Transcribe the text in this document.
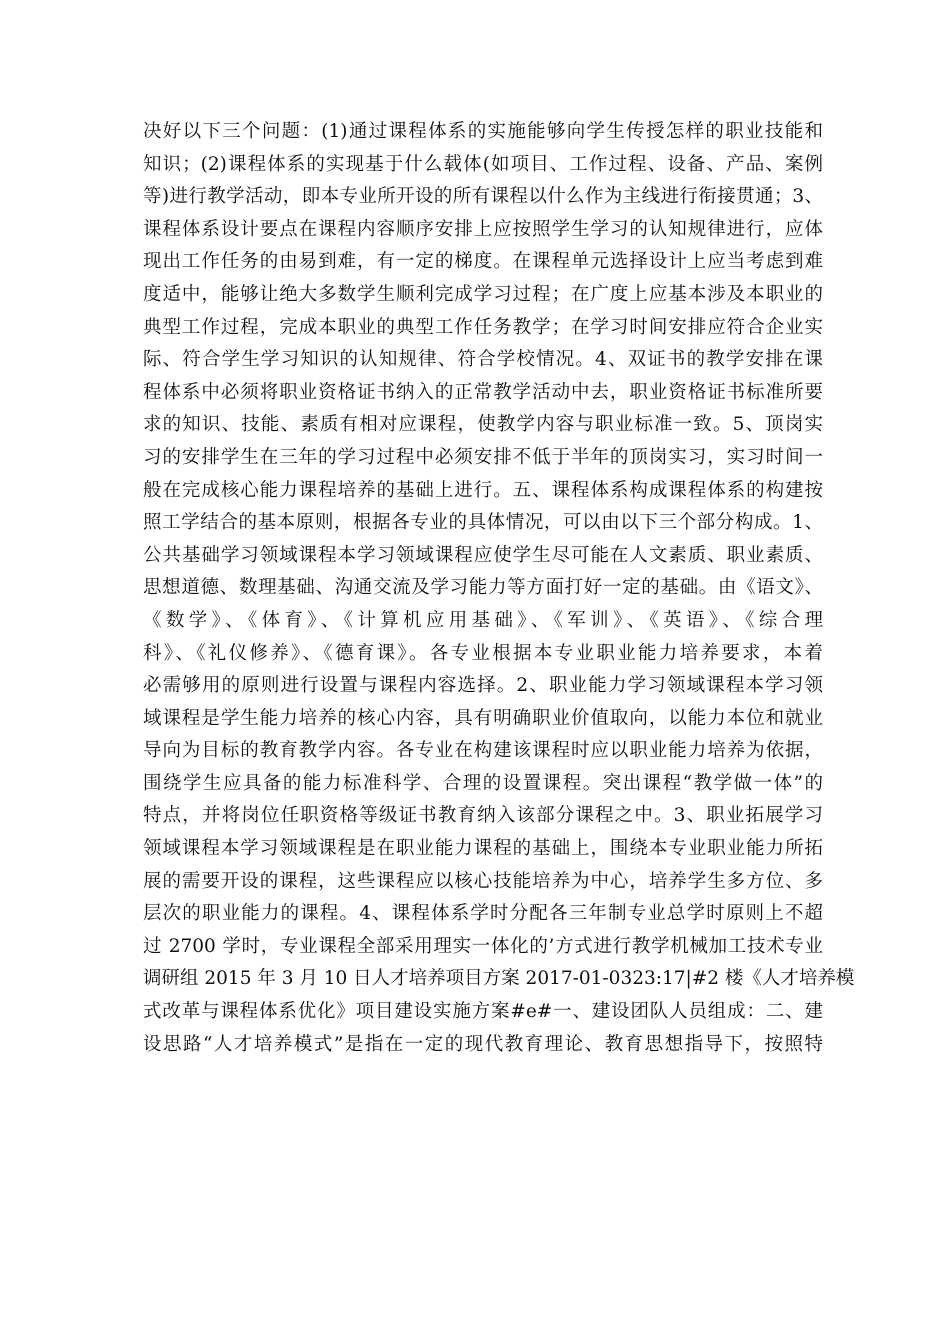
决好以下三个问题：(1)通过课程体系的实施能够向学生传授怎样的职业技能和
知识；(2)课程体系的实现基于什么载体(如项目、工作过程、设备、产品、案例
等)进行教学活动，即本专业所开设的所有课程以什么作为主线进行衔接贯通；3、
课程体系设计要点在课程内容顺序安排上应按照学生学习的认知规律进行，应体
现出工作任务的由易到难，有一定的梯度。在课程单元选择设计上应当考虑到难
度适中，能够让绝大多数学生顺利完成学习过程；在广度上应基本涉及本职业的
典型工作过程，完成本职业的典型工作任务教学；在学习时间安排应符合企业实
际、符合学生学习知识的认知规律、符合学校情况。4、双证书的教学安排在课
程体系中必须将职业资格证书纳入的正常教学活动中去，职业资格证书标准所要
求的知识、技能、素质有相对应课程，使教学内容与职业标准一致。5、顶岗实
习的安排学生在三年的学习过程中必须安排不低于半年的顶岗实习，实习时间一
般在完成核心能力课程培养的基础上进行。五、课程体系构成课程体系的构建按
照工学结合的基本原则，根据各专业的具体情况，可以由以下三个部分构成。1、
公共基础学习领域课程本学习领域课程应使学生尽可能在人文素质、职业素质、
思想道德、数理基础、沟通交流及学习能力等方面打好一定的基础。由《语文》、
《数学》、《体育》、《计算机应用基础》、《军训》、《英语》、《综合理
科》、《礼仪修养》、《德育课》。各专业根据本专业职业能力培养要求，本着
必需够用的原则进行设置与课程内容选择。2、职业能力学习领域课程本学习领
域课程是学生能力培养的核心内容，具有明确职业价值取向，以能力本位和就业
导向为目标的教育教学内容。各专业在构建该课程时应以职业能力培养为依据，
围绕学生应具备的能力标准科学、合理的设置课程。突出课程“教学做一体”的
特点，并将岗位任职资格等级证书教育纳入该部分课程之中。3、职业拓展学习
领域课程本学习领域课程是在职业能力课程的基础上，围绕本专业职业能力所拓
展的需要开设的课程，这些课程应以核心技能培养为中心，培养学生多方位、多
层次的职业能力的课程。4、课程体系学时分配各三年制专业总学时原则上不超
过 2700 学时，专业课程全部采用理实一体化的’方式进行教学机械加工技术专业
调研组 2015 年 3 月 10 日人才培养项目方案 2017-01-0323:17|#2 楼《人才培养模
式改革与课程体系优化》项目建设实施方案#e#一、建设团队人员组成：二、建
设思路“人才培养模式”是指在一定的现代教育理论、教育思想指导下，按照特
